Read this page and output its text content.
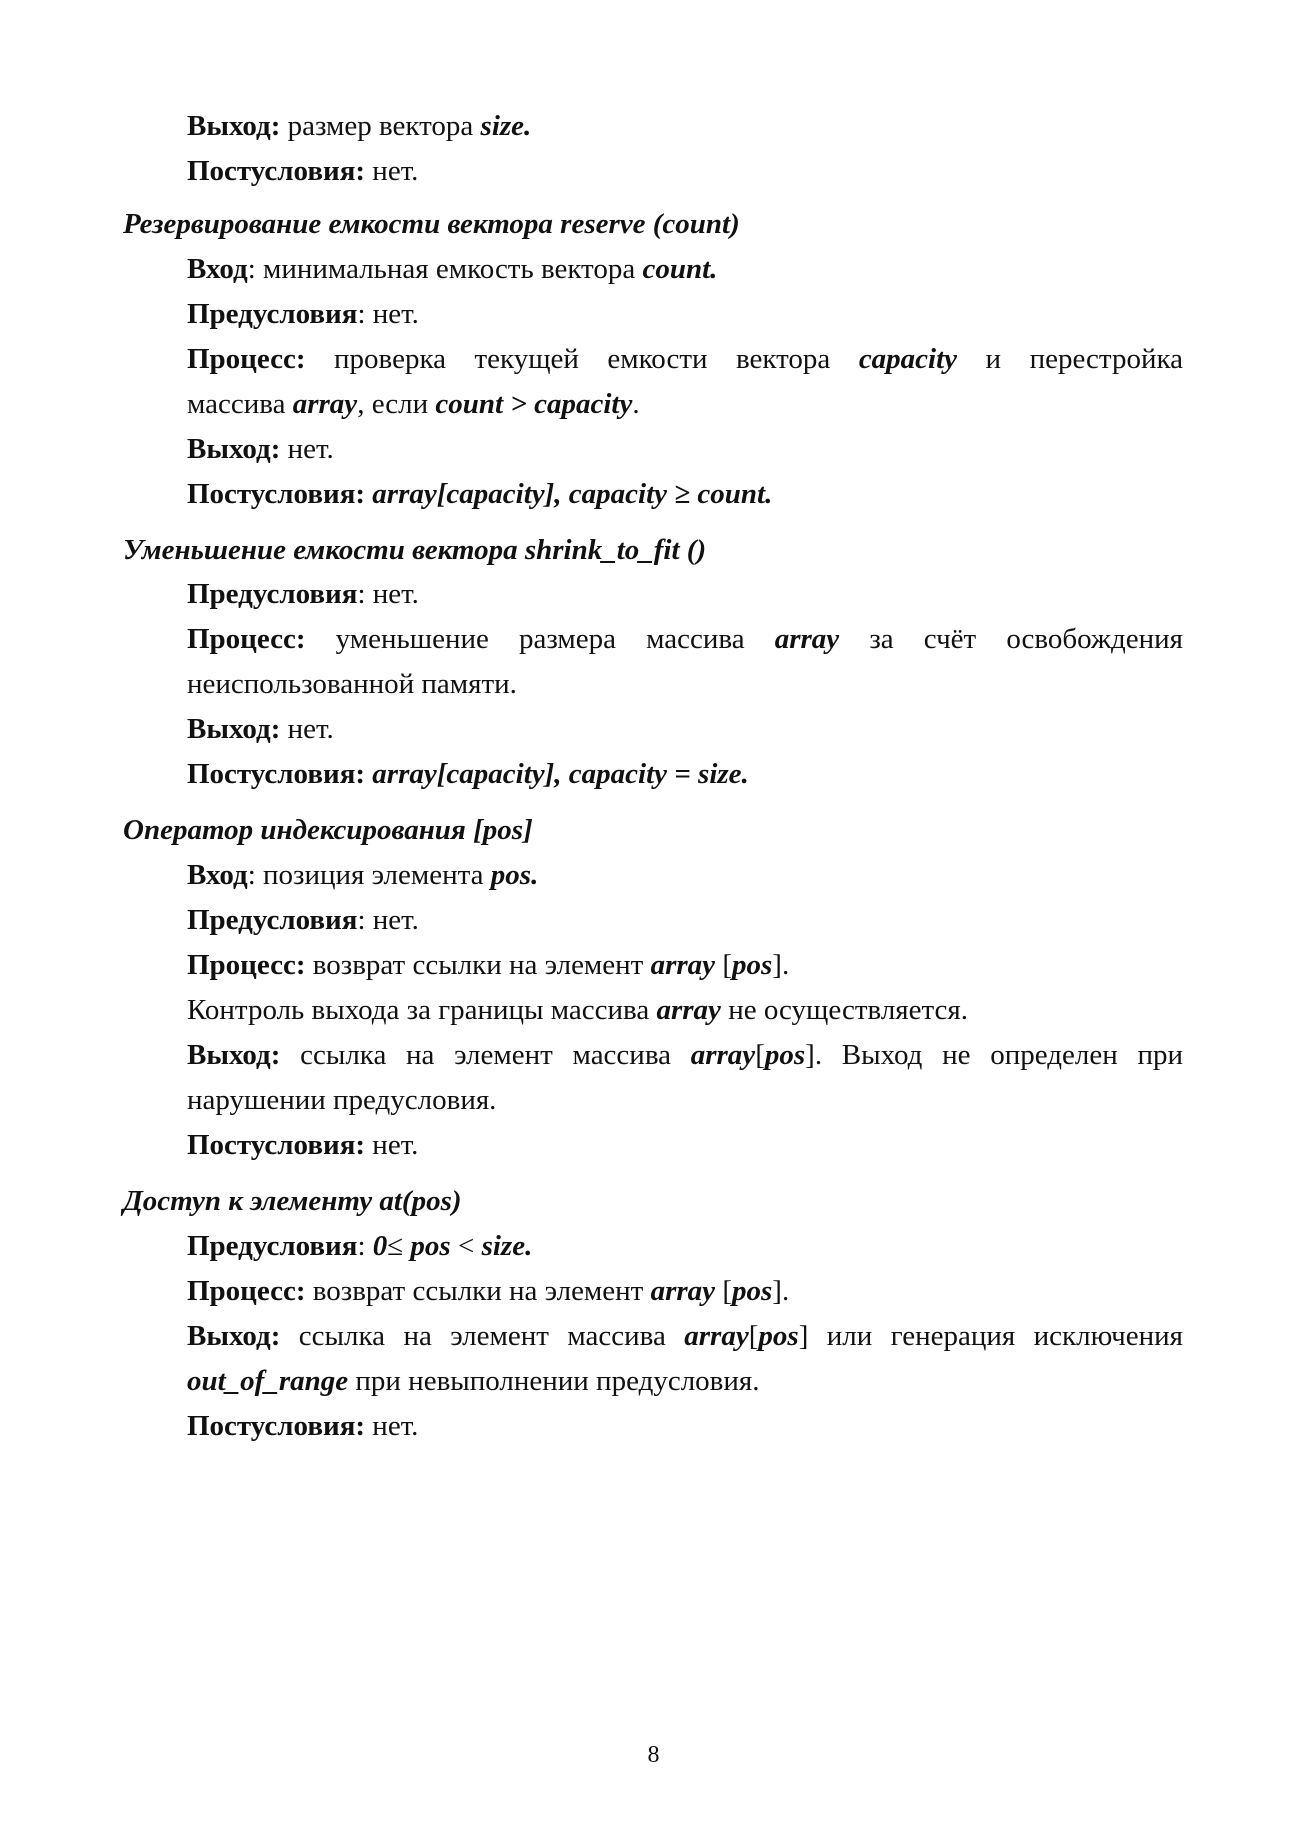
Выход: размер вектора size.
Постусловия: нет.
Резервирование емкости вектора reserve (count)
Вход: минимальная емкость вектора count.
Предусловия: нет.
Процесс: проверка текущей емкости вектора capacity и перестройка
массива array, если count > capacity.
Выход: нет.
Постусловия: array[capacity], capacity ≥ count.
Уменьшение емкости вектора shrink_to_fit ()
Предусловия: нет.
Процесс: уменьшение размера массива array за счёт освобождения
неиспользованной памяти.
Выход: нет.
Постусловия: array[capacity], capacity = size.
Оператор индексирования [pos]
Вход: позиция элемента pos.
Предусловия: нет.
Процесс: возврат ссылки на элемент array [pos].
Контроль выхода за границы массива array не осуществляется.
Выход: ссылка на элемент массива array[pos]. Выход не определен при
нарушении предусловия.
Постусловия: нет.
Доступ к элементу at(pos)
Предусловия: 0≤ pos < size.
Процесс: возврат ссылки на элемент array [pos].
Выход: ссылка на элемент массива array[pos] или генерация исключения
out_of_range при невыполнении предусловия.
Постусловия: нет.
8
